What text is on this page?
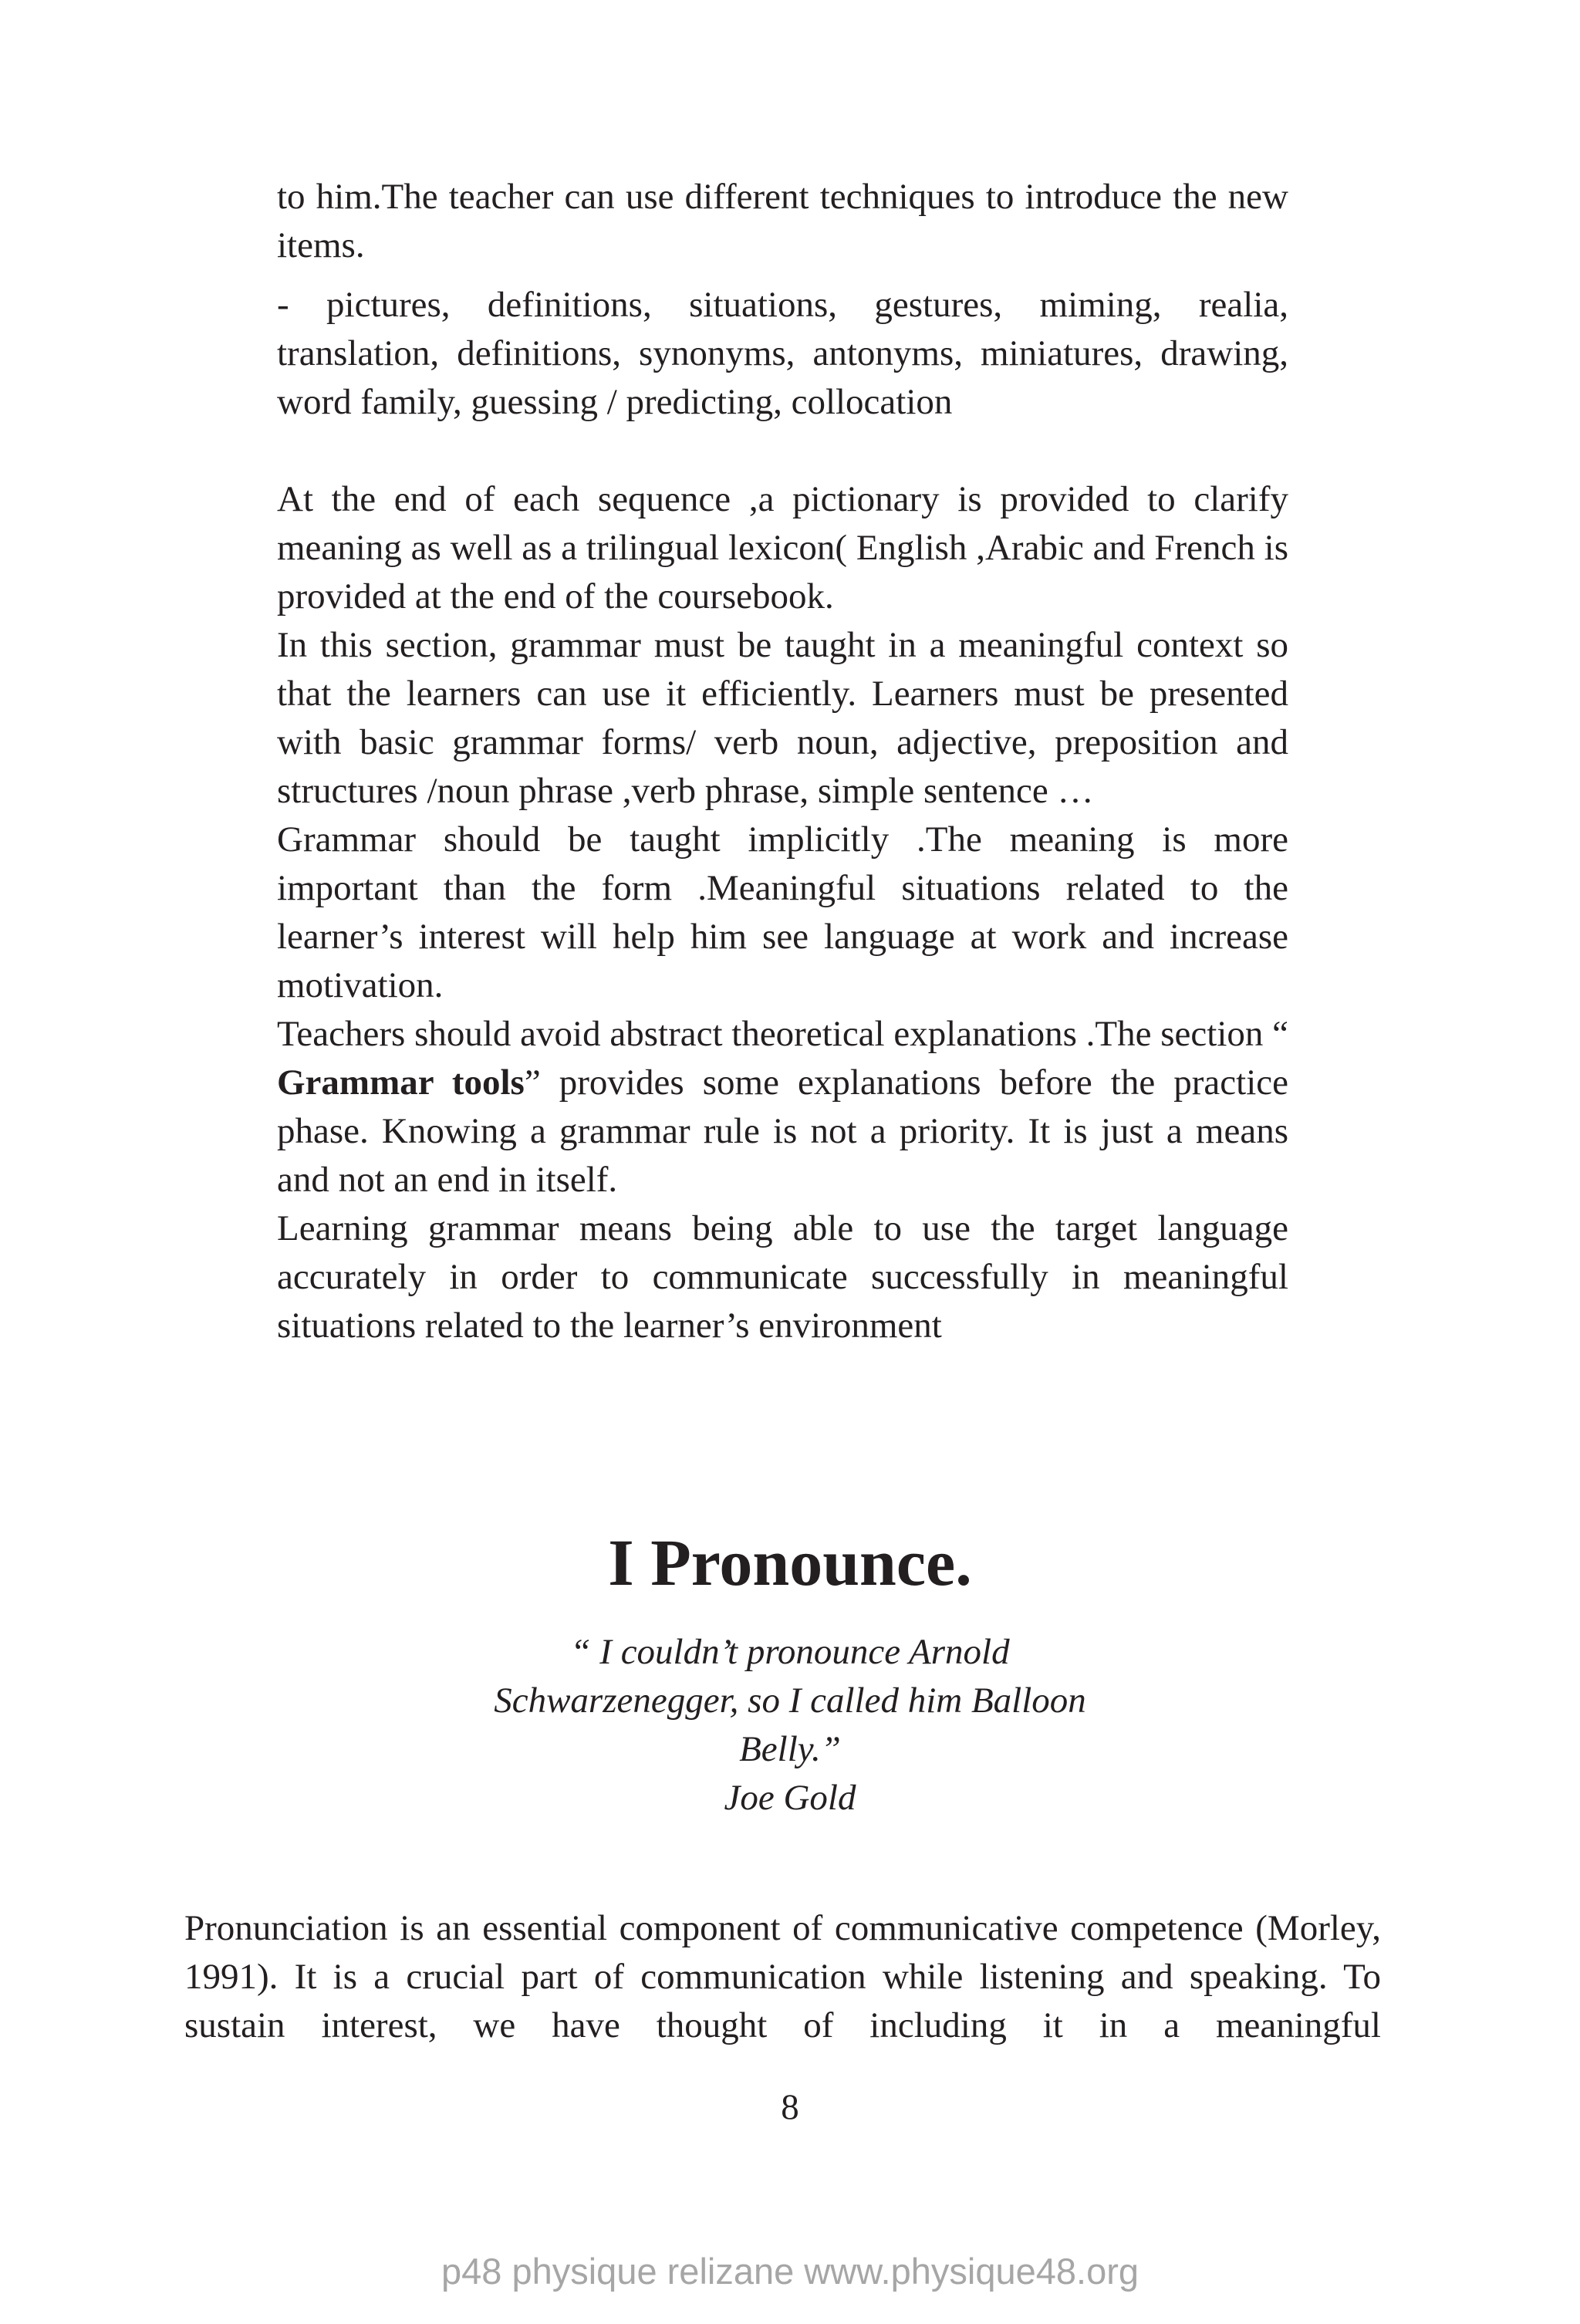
to him.The teacher can use different techniques to introduce the new items.

- pictures, definitions, situations, gestures, miming, realia, translation, definitions, synonyms, antonyms, miniatures, drawing, word family, guessing / predicting, collocation

At the end of each sequence ,a pictionary is provided to clarify meaning as well as a trilingual lexicon( English ,Arabic and French is provided at the end of the coursebook.

In this section, grammar must be taught in a meaningful context so that the learners can use it efficiently. Learners must be presented with basic grammar forms/ verb noun, adjective, preposition and structures /noun phrase ,verb phrase, simple sentence …

Grammar should be taught implicitly .The meaning is more important than the form .Meaningful situations related to the learner’s interest will help him see language at work and increase motivation.

Teachers should avoid abstract theoretical explanations .The section “ Grammar tools” provides some explanations before the practice phase. Knowing a grammar rule is not a priority. It is just a means and not an end in itself.

Learning grammar means being able to use the target language accurately in order to communicate successfully in meaningful situations related to the learner’s environment

I Pronounce.
“ I couldn’t pronounce Arnold
Schwarzenegger, so I called him Balloon
Belly.”
Joe Gold

Pronunciation is an essential component of communicative competence (Morley, 1991). It is a crucial part of communication while listening and speaking. To sustain interest, we have thought of including it in a meaningful

8
p48 physique relizane www.physique48.org
